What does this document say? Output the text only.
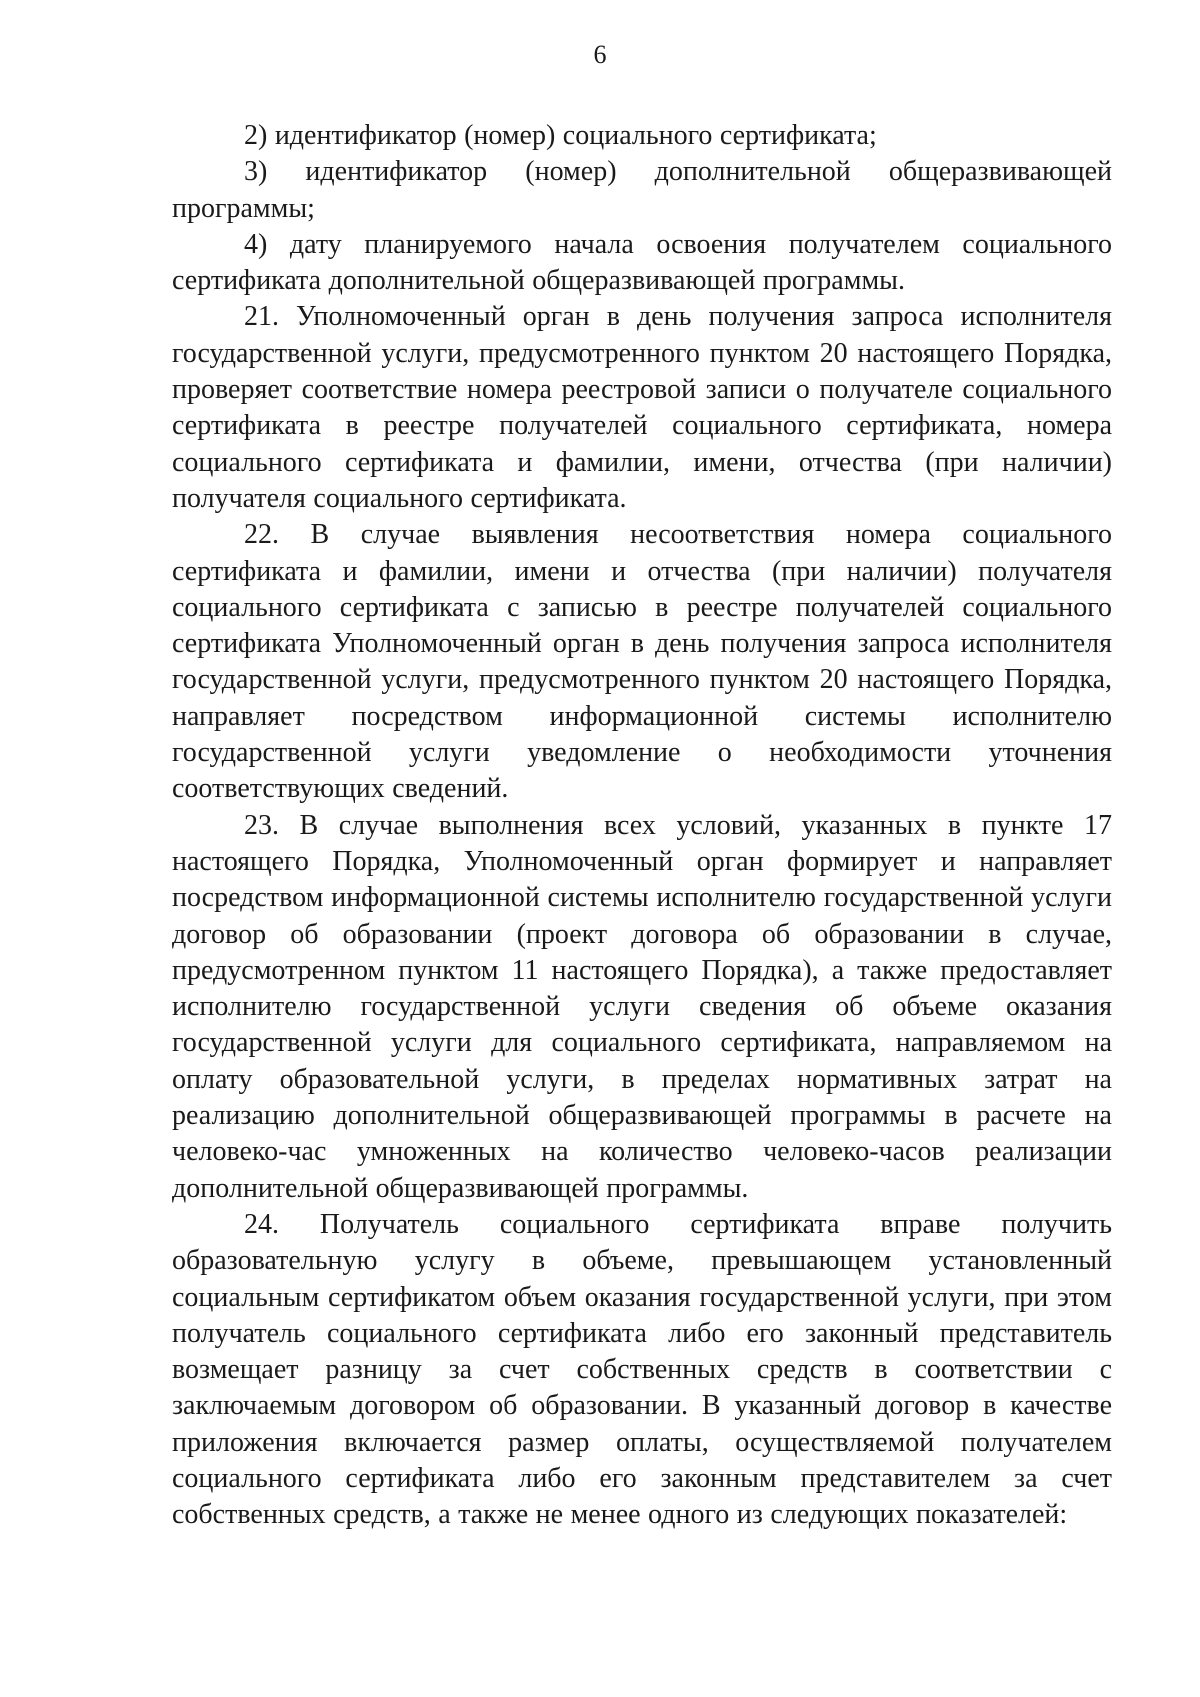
6

2) идентификатор (номер) социального сертификата;

3) идентификатор (номер) дополнительной общеразвивающей программы;

4) дату планируемого начала освоения получателем социального сертификата дополнительной общеразвивающей программы.

21. Уполномоченный орган в день получения запроса исполнителя государственной услуги, предусмотренного пунктом 20 настоящего Порядка, проверяет соответствие номера реестровой записи о получателе социального сертификата в реестре получателей социального сертификата, номера социального сертификата и фамилии, имени, отчества (при наличии) получателя социального сертификата.

22. В случае выявления несоответствия номера социального сертификата и фамилии, имени и отчества (при наличии) получателя социального сертификата с записью в реестре получателей социального сертификата Уполномоченный орган в день получения запроса исполнителя государственной услуги, предусмотренного пунктом 20 настоящего Порядка, направляет посредством информационной системы исполнителю государственной услуги уведомление о необходимости уточнения соответствующих сведений.

23. В случае выполнения всех условий, указанных в пункте 17 настоящего Порядка, Уполномоченный орган формирует и направляет посредством информационной системы исполнителю государственной услуги договор об образовании (проект договора об образовании в случае, предусмотренном пунктом 11 настоящего Порядка), а также предоставляет исполнителю государственной услуги сведения об объеме оказания государственной услуги для социального сертификата, направляемом на оплату образовательной услуги, в пределах нормативных затрат на реализацию дополнительной общеразвивающей программы в расчете на человеко-час умноженных на количество человеко-часов реализации дополнительной общеразвивающей программы.

24. Получатель социального сертификата вправе получить образовательную услугу в объеме, превышающем установленный социальным сертификатом объем оказания государственной услуги, при этом получатель социального сертификата либо его законный представитель возмещает разницу за счет собственных средств в соответствии с заключаемым договором об образовании. В указанный договор в качестве приложения включается размер оплаты, осуществляемой получателем социального сертификата либо его законным представителем за счет собственных средств, а также не менее одного из следующих показателей:
